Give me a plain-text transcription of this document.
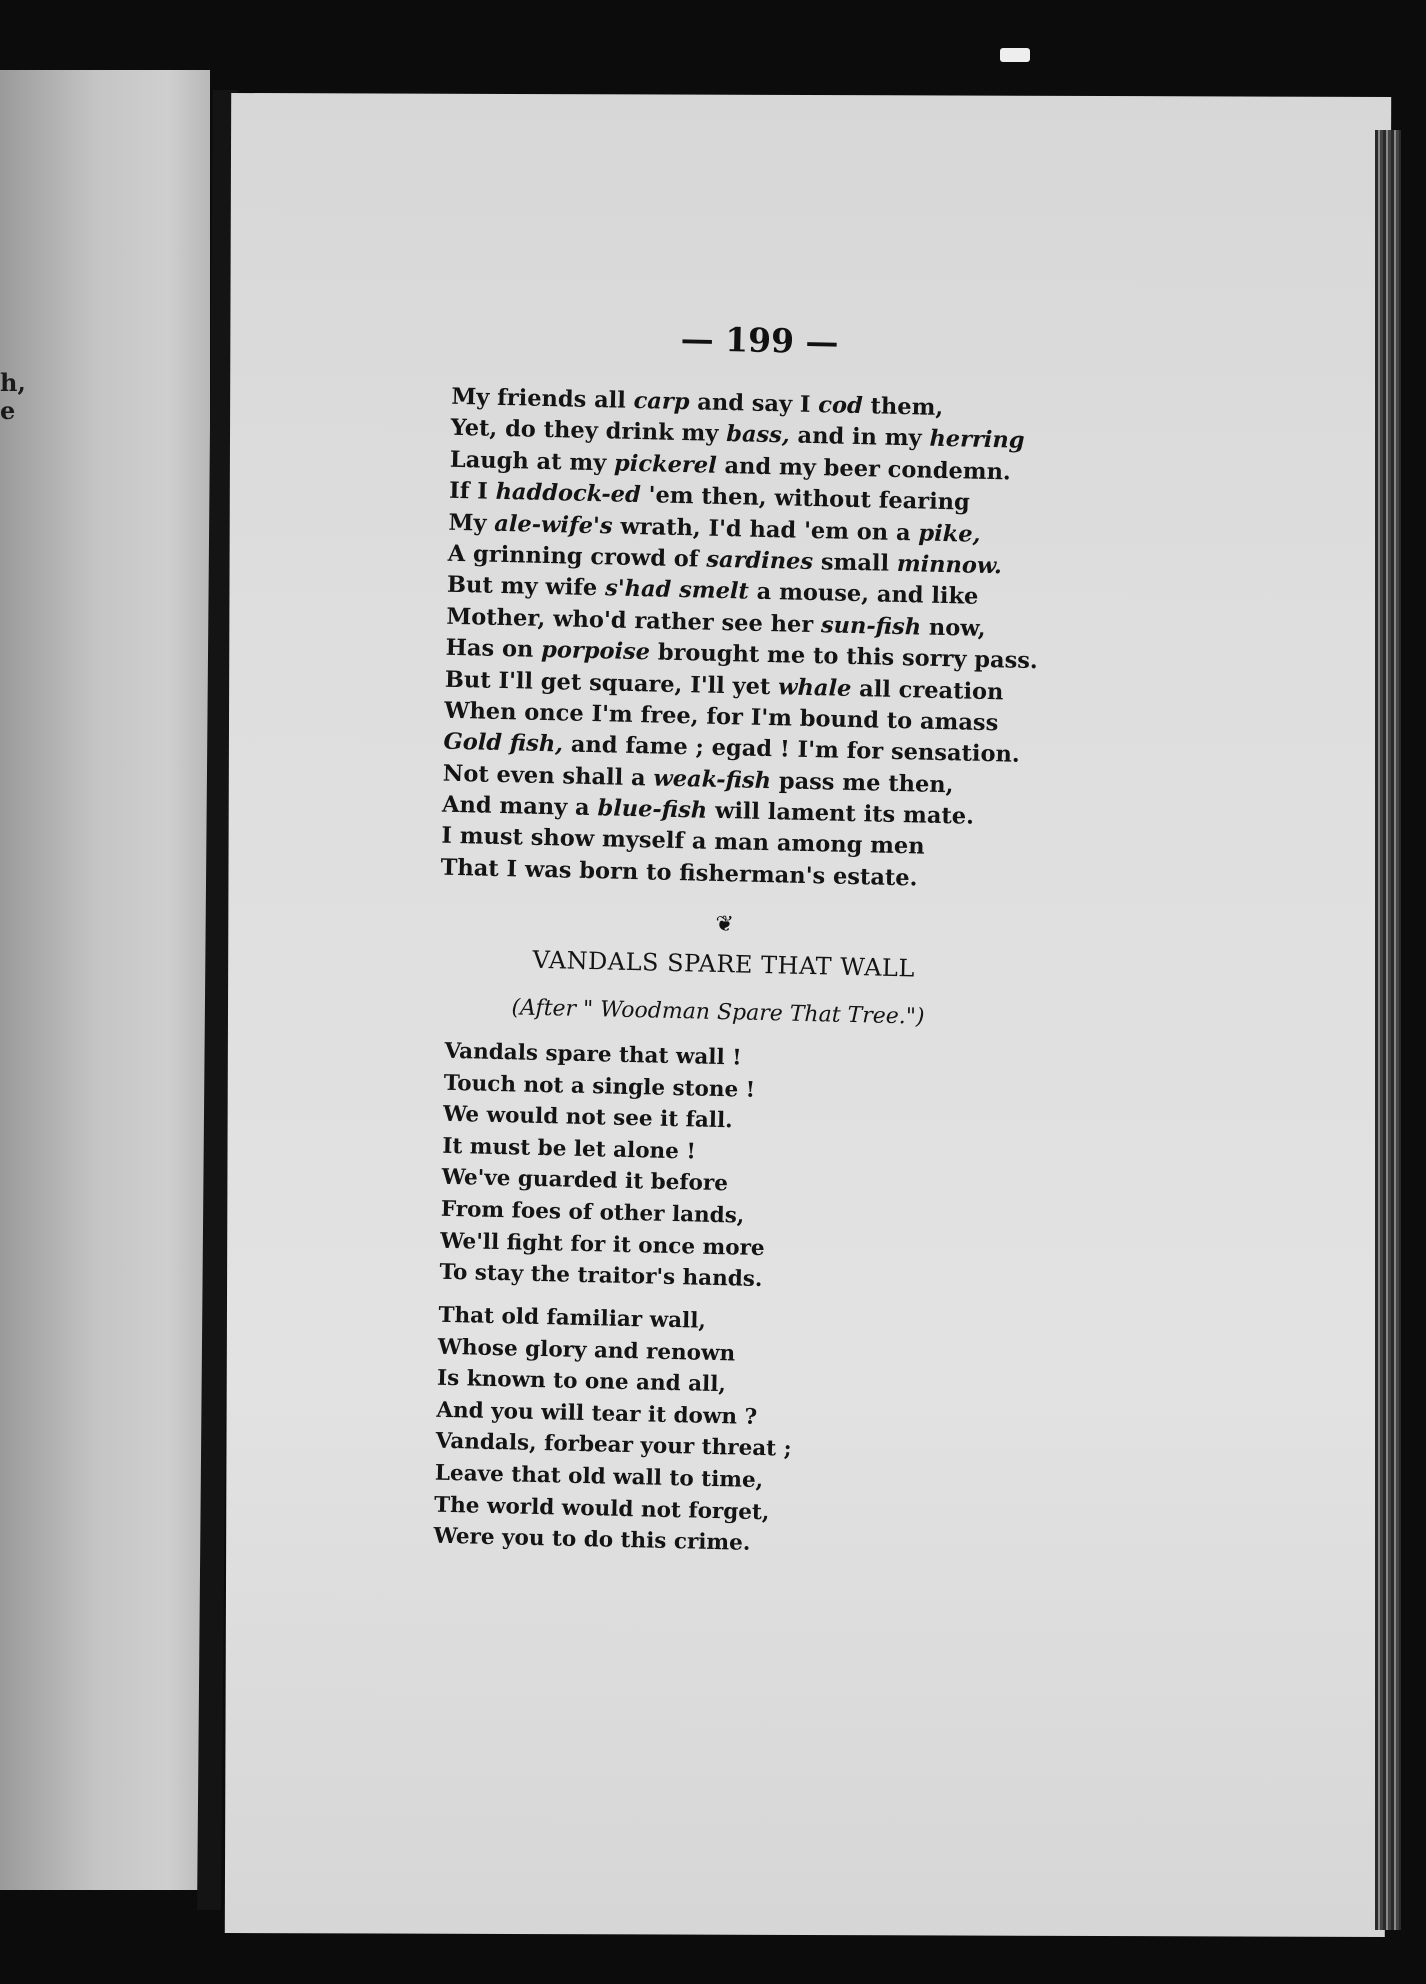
h,
e
— 199 —
My friends all carp and say I cod them,
Yet, do they drink my bass, and in my herring
Laugh at my pickerel and my beer condemn.
If I haddock-ed 'em then, without fearing
My ale-wife's wrath, I'd had 'em on a pike,
A grinning crowd of sardines small minnow.
But my wife s'had smelt a mouse, and like
Mother, who'd rather see her sun-fish now,
Has on porpoise brought me to this sorry pass.
But I'll get square, I'll yet whale all creation
When once I'm free, for I'm bound to amass
Gold fish, and fame ; egad ! I'm for sensation.
Not even shall a weak-fish pass me then,
And many a blue-fish will lament its mate.
I must show myself a man among men
That I was born to fisherman's estate.
❦
VANDALS SPARE THAT WALL
(After " Woodman Spare That Tree.")
Vandals spare that wall !
Touch not a single stone !
We would not see it fall.
It must be let alone !
We've guarded it before
From foes of other lands,
We'll fight for it once more
To stay the traitor's hands.
That old familiar wall,
Whose glory and renown
Is known to one and all,
And you will tear it down ?
Vandals, forbear your threat ;
Leave that old wall to time,
The world would not forget,
Were you to do this crime.
